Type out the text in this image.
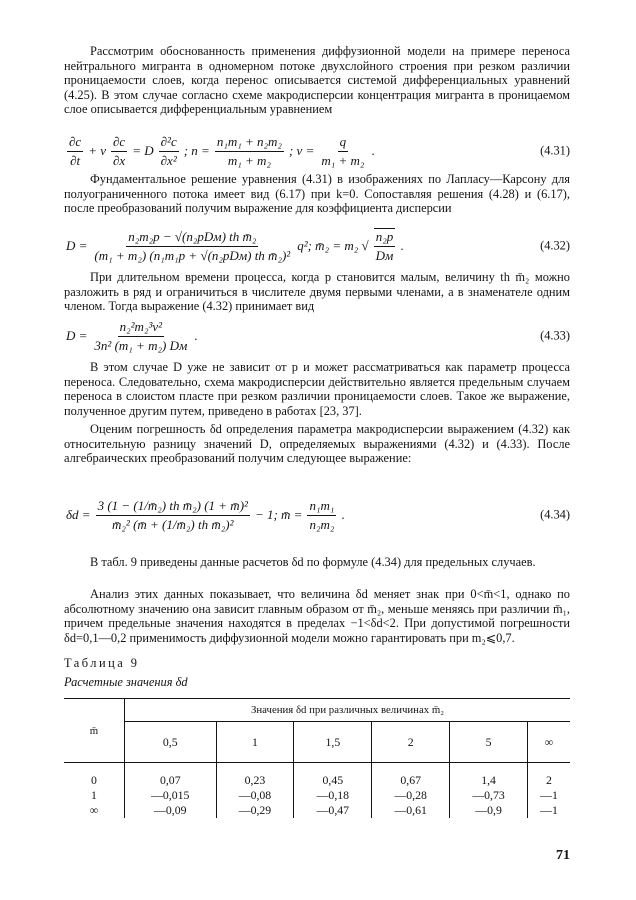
Рассмотрим обоснованность применения диффузионной модели на примере переноса нейтрального мигранта в одномерном потоке двухслойного строения при резком различии проницаемости слоев, когда перенос описывается системой дифференциальных уравнений (4.25). В этом случае согласно схеме макродисперсии концентрация мигранта в проницаемом слое описывается дифференциальным уравнением

$\frac{\partial c}{\partial t} + v \frac{\partial c}{\partial x} = D \frac{\text{∂²c}}{\text{∂x²}}$ ; $n = \frac{\text{n₁m₁ + n₂m₂}}{\text{m₁ + m₂}}$ ; $v = \frac{q}{\text{m₁ + m₂}}$ .	(4.31)

Фундаментальное решение уравнения (4.31) в изображениях по Лапласу—Карсону для полуограниченного потока имеет вид (6.17) при k=0. Сопоставляя решения (4.28) и (6.17), после преобразований получим выражение для коэффициента дисперсии

$D = \frac{\text{n₂m₂p − √(n₂pDм) th m̄₂}}{\text{(m₁ + m₂) (n₁m₁p + √(n₂pDм) th m̄₂)²}} q^2$; m̄₂ = m₂ √ $\frac{\text{n₂p}}{Dм}$ .	(4.32)

При длительном времени процесса, когда p становится малым, величину th m̄₂ можно разложить в ряд и ограничиться в числителе двумя первыми членами, а в знаменателе одним членом. Тогда выражение (4.32) принимает вид

$D = \frac{\text{n₂²m₂³v²}}{\text{3n² (m₁ + m₂) Dм}}$ .	(4.33)

В этом случае D уже не зависит от p и может рассматриваться как параметр процесса переноса. Следовательно, схема макродисперсии действительно является предельным случаем переноса в слоистом пласте при резком различии проницаемости слоев. Такое же выражение, полученное другим путем, приведено в работах [23, 37].

Оценим погрешность δd определения параметра макродисперсии выражением (4.32) как относительную разницу значений D, определяемых выражениями (4.32) и (4.33). После алгебраических преобразований получим следующее выражение:

$\delta d = \frac{\text{3 (1 − (1/m̄₂) th m̄₂) (1 + m̄)²}}{\text{m̄₂² (m̄ + (1/m̄₂) th m̄₂)²}} - 1$; m̄ = $\frac{\text{n₁m₁}}{\text{n₂m₂}}$ .	(4.34)

В табл. 9 приведены данные расчетов δd по формуле (4.34) для предельных случаев.

Анализ этих данных показывает, что величина δd меняет знак при 0<m̄<1, однако по абсолютному значению она зависит главным образом от m̄₂, меньше меняясь при различии m̄₁, причем предельные значения находятся в пределах −1<δd<2. При допустимой погрешности δd=0,1—0,2 применимость диффузионной модели можно гарантировать при m₂⩽0,7.

Таблица 9
Расчетные значения δd
m̄	Значения δd при различных величинах m̄₂					
	0,5	1	1,5	2	5	∞
0	0,07	0,23	0,45	0,67	1,4	2
1	—0,015	—0,08	—0,18	—0,28	—0,73	—1
∞	—0,09	—0,29	—0,47	—0,61	—0,9	—1
71
